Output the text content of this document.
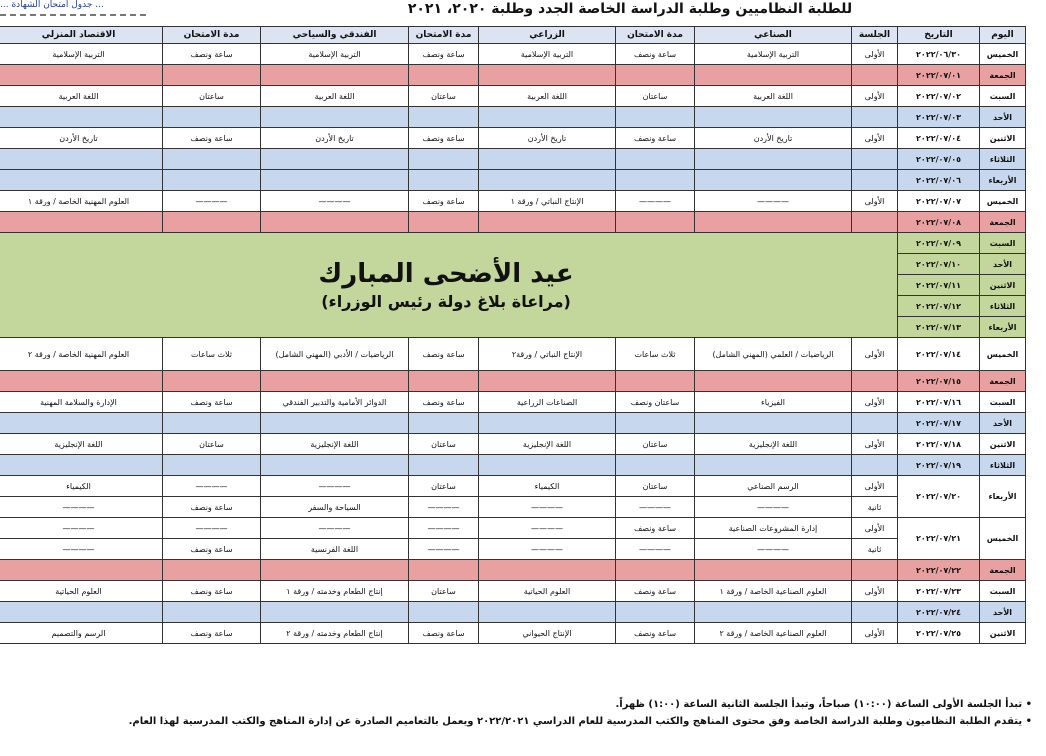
... جدول امتحان الشهادة ...	للطلبة النظاميين وطلبة الدراسة الخاصة الجدد وطلبة ٢٠٢٠، ٢٠٢١
اليوم	التاريخ	الجلسة	الصناعي	مدة الامتحان	الزراعي	مدة الامتحان	الفندقي والسياحي	مدة الامتحان	الاقتصاد المنزلي
الخميس	٢٠٢٢/٠٦/٣٠	الأولى	التربية الإسلامية	ساعة ونصف	التربية الإسلامية	ساعة ونصف	التربية الإسلامية	ساعة ونصف	التربية الإسلامية
الجمعة	٢٠٢٢/٠٧/٠١								
السبت	٢٠٢٢/٠٧/٠٢	الأولى	اللغة العربية	ساعتان	اللغة العربية	ساعتان	اللغة العربية	ساعتان	اللغة العربية
الأحد	٢٠٢٢/٠٧/٠٣								
الاثنين	٢٠٢٢/٠٧/٠٤	الأولى	تاريخ الأردن	ساعة ونصف	تاريخ الأردن	ساعة ونصف	تاريخ الأردن	ساعة ونصف	تاريخ الأردن
الثلاثاء	٢٠٢٢/٠٧/٠٥								
الأربعاء	٢٠٢٢/٠٧/٠٦								
الخميس	٢٠٢٢/٠٧/٠٧	الأولى	————	————	الإنتاج النباتي / ورقة ١	ساعة ونصف	————	————	العلوم المهنية الخاصة / ورقة ١
الجمعة	٢٠٢٢/٠٧/٠٨								
السبت	٢٠٢٢/٠٧/٠٩	عيد الأضحى المبارك
(مراعاة بلاغ دولة رئيس الوزراء)							

الأحد	٢٠٢٢/٠٧/١٠								
الاثنين	٢٠٢٢/٠٧/١١								
الثلاثاء	٢٠٢٢/٠٧/١٢								
الأربعاء	٢٠٢٢/٠٧/١٣								
الخميس	٢٠٢٢/٠٧/١٤	الأولى	الرياضيات / العلمي (المهني الشامل)	ثلاث ساعات	الإنتاج النباتي / ورقة٢	ساعة ونصف	الرياضيات / الأدبي (المهني الشامل)	ثلاث ساعات	العلوم المهنية الخاصة / ورقة ٢
الجمعة	٢٠٢٢/٠٧/١٥								
السبت	٢٠٢٢/٠٧/١٦	الأولى	الفيزياء	ساعتان ونصف	الصناعات الزراعية	ساعة ونصف	الدوائر الأمامية والتدبير الفندقي	ساعة ونصف	الإدارة والسلامة المهنية
الأحد	٢٠٢٢/٠٧/١٧								
الاثنين	٢٠٢٢/٠٧/١٨	الأولى	اللغة الإنجليزية	ساعتان	اللغة الإنجليزية	ساعتان	اللغة الإنجليزية	ساعتان	اللغة الإنجليزية
الثلاثاء	٢٠٢٢/٠٧/١٩								
الأربعاء	٢٠٢٢/٠٧/٢٠	الأولى	الرسم الصناعي	ساعتان	الكيمياء	ساعتان	————	————	الكيمياء
		ثانية	————	————	————	————	السياحة والسفر	ساعة ونصف	————
الخميس	٢٠٢٢/٠٧/٢١	الأولى	إدارة المشروعات الصناعية	ساعة ونصف	————	————	————	————	————
		ثانية	————	————	————	————	اللغة الفرنسية	ساعة ونصف	————
الجمعة	٢٠٢٢/٠٧/٢٢								
السبت	٢٠٢٢/٠٧/٢٣	الأولى	العلوم الصناعية الخاصة / ورقة ١	ساعة ونصف	العلوم الحياتية	ساعتان	إنتاج الطعام وخدمته / ورقة ١	ساعة ونصف	العلوم الحياتية
الأحد	٢٠٢٢/٠٧/٢٤								
الاثنين	٢٠٢٢/٠٧/٢٥	الأولى	العلوم الصناعية الخاصة / ورقة ٢	ساعة ونصف	الإنتاج الحيواني	ساعة ونصف	إنتاج الطعام وخدمته / ورقة ٢	ساعة ونصف	الرسم والتصميم
• تبدأ الجلسة الأولى الساعة (١٠:٠٠) صباحاً، وتبدأ الجلسة الثانية الساعة (١:٠٠) ظهراً.
• يتقدم الطلبة النظاميون وطلبة الدراسة الخاصة وفق محتوى المناهج والكتب المدرسية للعام الدراسي ٢٠٢٢/٢٠٢١ ويعمل بالتعاميم الصادرة عن إدارة المناهج والكتب المدرسية لهذا العام.
